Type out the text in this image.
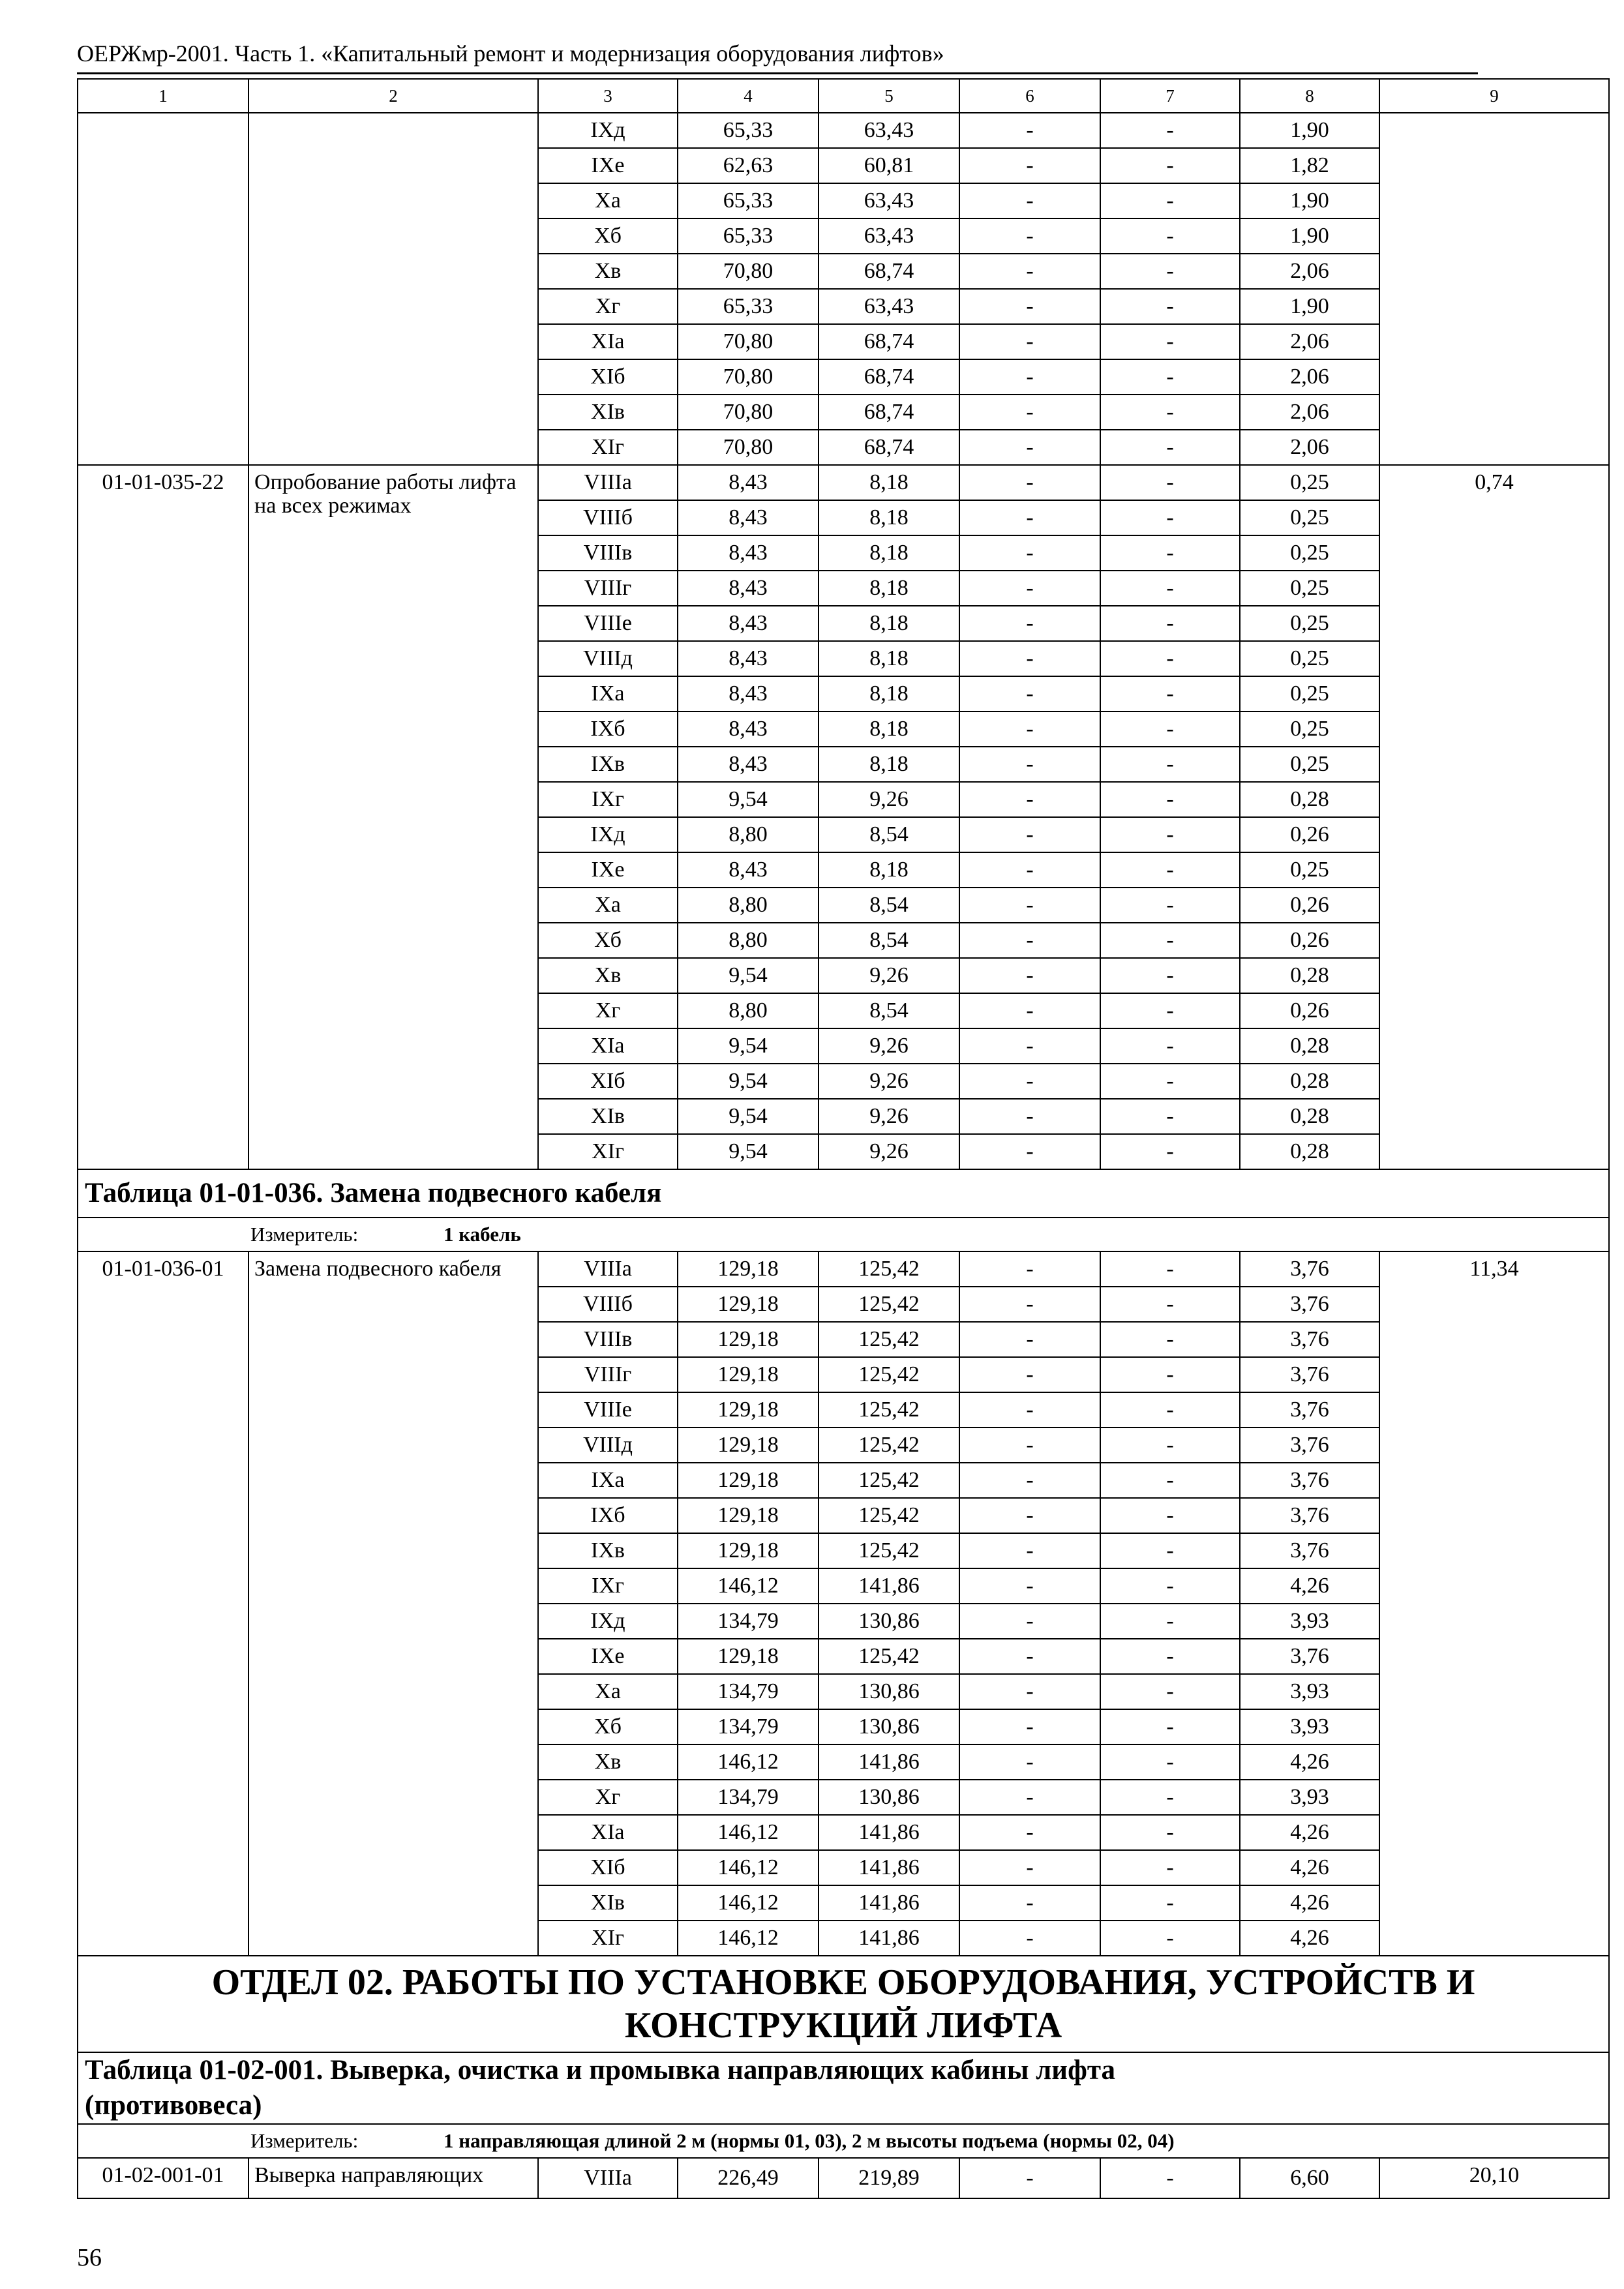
ОЕРЖмр-2001. Часть 1. «Капитальный ремонт и модернизация оборудования лифтов»
1	2	3	4	5	6	7	8	9
		IXд	65,33	63,43	-	-	1,90	
		IXе	62,63	60,81	-	-	1,82	
		Xа	65,33	63,43	-	-	1,90	
		Xб	65,33	63,43	-	-	1,90	
		Xв	70,80	68,74	-	-	2,06	
		Xг	65,33	63,43	-	-	1,90	
		XIа	70,80	68,74	-	-	2,06	
		XIб	70,80	68,74	-	-	2,06	
		XIв	70,80	68,74	-	-	2,06	
		XIг	70,80	68,74	-	-	2,06	
01-01-035-22	Опробование работы лифта на всех режимах	VIIIа	8,43	8,18	-	-	0,25	0,74
		VIIIб	8,43	8,18	-	-	0,25	
		VIIIв	8,43	8,18	-	-	0,25	
		VIIIг	8,43	8,18	-	-	0,25	
		VIIIе	8,43	8,18	-	-	0,25	
		VIIIд	8,43	8,18	-	-	0,25	
		IXа	8,43	8,18	-	-	0,25	
		IXб	8,43	8,18	-	-	0,25	
		IXв	8,43	8,18	-	-	0,25	
		IXг	9,54	9,26	-	-	0,28	
		IXд	8,80	8,54	-	-	0,26	
		IXе	8,43	8,18	-	-	0,25	
		Xа	8,80	8,54	-	-	0,26	
		Xб	8,80	8,54	-	-	0,26	
		Xв	9,54	9,26	-	-	0,28	
		Xг	8,80	8,54	-	-	0,26	
		XIа	9,54	9,26	-	-	0,28	
		XIб	9,54	9,26	-	-	0,28	
		XIв	9,54	9,26	-	-	0,28	
		XIг	9,54	9,26	-	-	0,28	
Таблица 01-01-036. Замена подвесного кабеля								
Измеритель: 1 кабель								
01-01-036-01	Замена подвесного кабеля	VIIIа	129,18	125,42	-	-	3,76	11,34
		VIIIб	129,18	125,42	-	-	3,76	
		VIIIв	129,18	125,42	-	-	3,76	
		VIIIг	129,18	125,42	-	-	3,76	
		VIIIе	129,18	125,42	-	-	3,76	
		VIIIд	129,18	125,42	-	-	3,76	
		IXа	129,18	125,42	-	-	3,76	
		IXб	129,18	125,42	-	-	3,76	
		IXв	129,18	125,42	-	-	3,76	
		IXг	146,12	141,86	-	-	4,26	
		IXд	134,79	130,86	-	-	3,93	
		IXе	129,18	125,42	-	-	3,76	
		Xа	134,79	130,86	-	-	3,93	
		Xб	134,79	130,86	-	-	3,93	
		Xв	146,12	141,86	-	-	4,26	
		Xг	134,79	130,86	-	-	3,93	
		XIа	146,12	141,86	-	-	4,26	
		XIб	146,12	141,86	-	-	4,26	
		XIв	146,12	141,86	-	-	4,26	
		XIг	146,12	141,86	-	-	4,26	
ОТДЕЛ 02. РАБОТЫ ПО УСТАНОВКЕ ОБОРУДОВАНИЯ, УСТРОЙСТВ И
КОНСТРУКЦИЙ ЛИФТА								
Таблица 01-02-001. Выверка, очистка и промывка направляющих кабины лифта
(противовеса)								
Измеритель: 1 направляющая длиной 2 м (нормы 01, 03), 2 м высоты подъема (нормы 02, 04)								
01-02-001-01	Выверка направляющих	VIIIа	226,49	219,89	-	-	6,60	20,10
56
